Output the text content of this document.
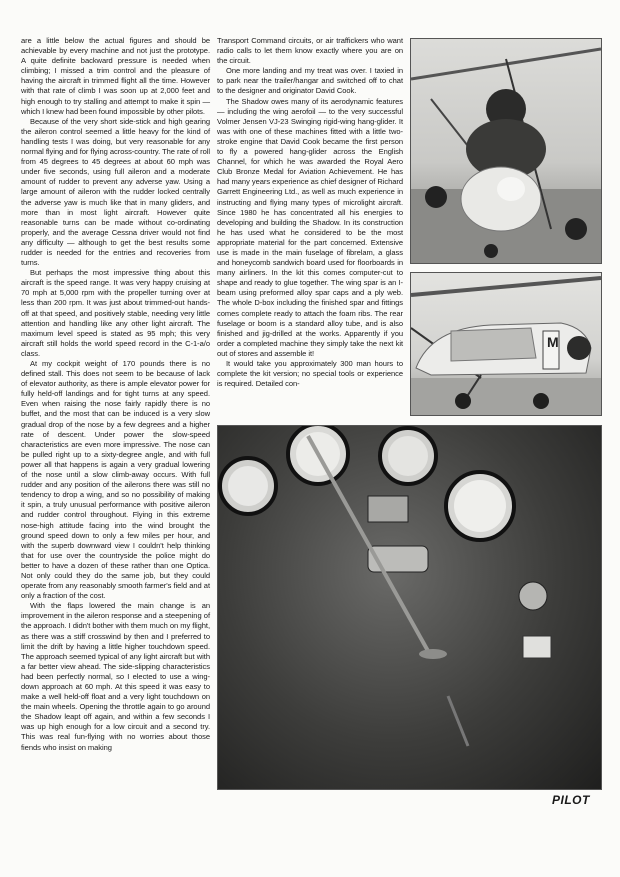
are a little below the actual figures and should be achievable by every machine and not just the prototype. A quite definite backward pressure is needed when climbing; I missed a trim control and the pleasure of having the aircraft in trimmed flight all the time. However with that rate of climb I was soon up at 2,000 feet and high enough to try stalling and attempt to make it spin — which I knew had been found impossible by other pilots.

Because of the very short side-stick and high gearing the aileron control seemed a little heavy for the kind of handling tests I was doing, but very reasonable for any normal flying and for flying across-country. The rate of roll from 45 degrees to 45 degrees at about 60 mph was under five seconds, using full aileron and a moderate amount of rudder to prevent any adverse yaw. Using a large amount of aileron with the rudder locked centrally the adverse yaw is much like that in many gliders, and more than in most light aircraft. However quite reasonable turns can be made without co-ordinating properly, and the average Cessna driver would not find any difficulty — although to get the best results some rudder is needed for the entries and recoveries from turns.

But perhaps the most impressive thing about this aircraft is the speed range. It was very happy cruising at 70 mph at 5,000 rpm with the propeller turning over at less than 200 rpm. It was just about trimmed-out hands-off at that speed, and positively stable, needing very little attention and handling like any other light aircraft. The maximum level speed is stated as 95 mph; this very aircraft still holds the world speed record in the C-1-a/o class.

At my cockpit weight of 170 pounds there is no defined stall. This does not seem to be because of lack of elevator authority, as there is ample elevator power for fully held-off landings and for tight turns at any speed. Even when raising the nose fairly rapidly there is no buffet, and the most that can be induced is a very slow gradual drop of the nose by a few degrees and a higher rate of descent. Under power the slow-speed characteristics are even more impressive. The nose can be pulled right up to a sixty-degree angle, and with full power all that happens is again a very gradual lowering of the nose until a slow climb-away occurs. With full rudder and any position of the ailerons there was still no tendency to drop a wing, and so no possibility of making it spin, a truly unusual performance with positive aileron and rudder control throughout. Flying in this extreme nose-high attitude facing into the wind brought the ground speed down to only a few miles per hour, and with the superb downward view I couldn't help thinking that for use over the countryside the police might do better to have a dozen of these rather than one Optica. Not only could they do the same job, but they could operate from any reasonably smooth farmer's field and at only a fraction of the cost.

With the flaps lowered the main change is an improvement in the aileron response and a steepening of the approach. I didn't bother with them much on my flight, as there was a stiff crosswind by then and I preferred to limit the drift by having a little higher touchdown speed. The approach seemed typical of any light aircraft but with a far better view ahead. The side-slipping characteristics had been perfectly normal, so I elected to use a wing-down approach at 60 mph. At this speed it was easy to make a well held-off float and a very light touchdown on the main wheels. Opening the throttle again to go around the Shadow leapt off again, and within a few seconds I was up high enough for a low circuit and a second try. This was real fun-flying with no worries about those fiends who insist on making

Transport Command circuits, or air traffickers who want radio calls to let them know exactly where you are on the circuit.

One more landing and my treat was over. I taxied in to park near the trailer/hangar and switched off to chat to the designer and originator David Cook.

The Shadow owes many of its aerodynamic features — including the wing aerofoil — to the very successful Volmer Jensen VJ-23 Swinging rigid-wing hang-glider. It was with one of these machines fitted with a little two-stroke engine that David Cook became the first person to fly a powered hang-glider across the English Channel, for which he was awarded the Royal Aero Club Bronze Medal for Aviation Achievement. He has had many years experience as chief designer of Richard Garrett Engineering Ltd., as well as much experience in instructing and flying many types of microlight aircraft. Since 1980 he has concentrated all his energies to developing and building the Shadow. In its construction he has used what he considered to be the most appropriate material for the part concerned. Extensive use is made in the main fuselage of fibrelam, a glass and honeycomb sandwich board used for floorboards in many airliners. In the kit this comes computer-cut to shape and ready to glue together. The wing spar is an I-beam using preformed alloy spar caps and a ply web. The whole D-box including the finished spar and fittings comes complete ready to attach the foam ribs. The rear fuselage or boom is a standard alloy tube, and is also finished and jig-drilled at the works. Apparently if you order a completed machine they simply take the next kit out of stores and assemble it!

It would take you approximately 300 man hours to complete the kit version; no special tools or experience is required. Detailed con-

M
PILOT
